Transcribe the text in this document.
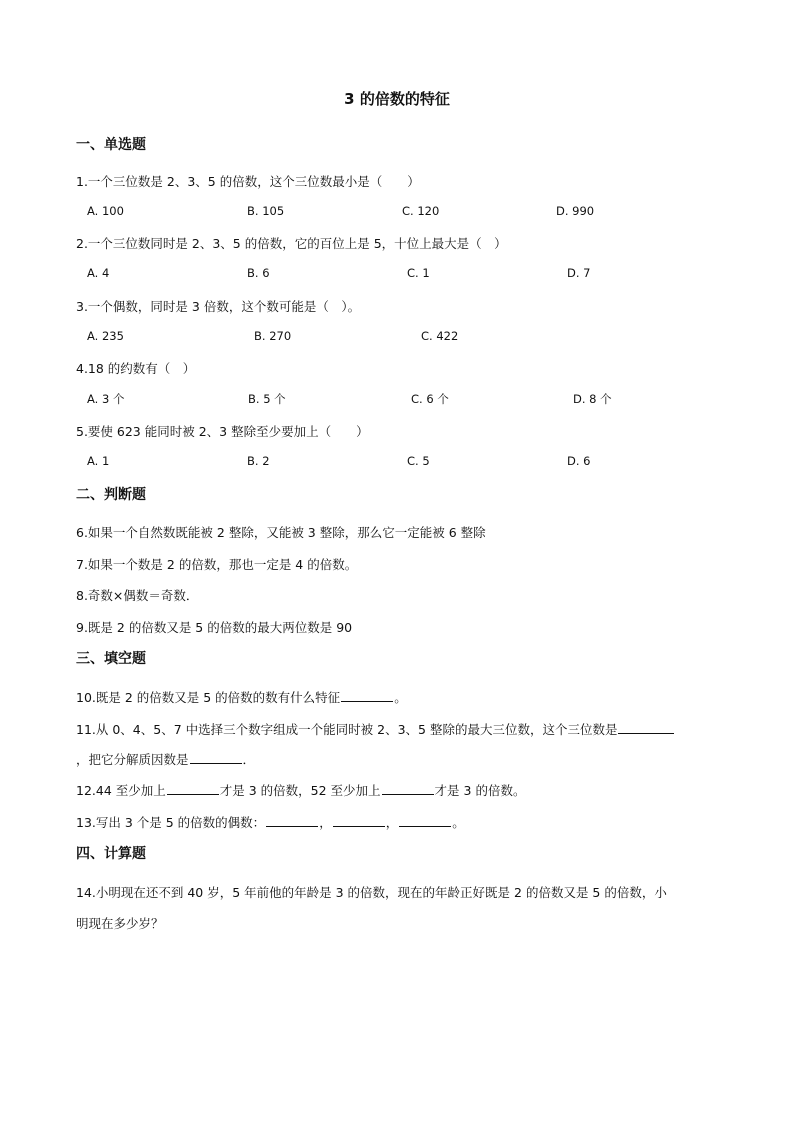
3 的倍数的特征
一、单选题
1.一个三位数是 2、3、5 的倍数，这个三位数最小是（　　）
A. 100	B. 105	C. 120	D. 990
2.一个三位数同时是 2、3、5 的倍数，它的百位上是 5，十位上最大是（　）
A. 4	B. 6	C. 1	D. 7
3.一个偶数，同时是 3 倍数，这个数可能是（　）。
A. 235	B. 270	C. 422
4.18 的约数有（　）
A. 3 个	B. 5 个	C. 6 个	D. 8 个
5.要使 623 能同时被 2、3 整除至少要加上（　　）
A. 1	B. 2	C. 5	D. 6
二、判断题
6.如果一个自然数既能被 2 整除，又能被 3 整除，那么它一定能被 6 整除
7.如果一个数是 2 的倍数，那也一定是 4 的倍数。
8.奇数×偶数＝奇数．
9.既是 2 的倍数又是 5 的倍数的最大两位数是 90
三、填空题
10.既是 2 的倍数又是 5 的倍数的数有什么特征	。
11.从 0、4、5、7 中选择三个数字组成一个能同时被 2、3、5 整除的最大三位数，这个三位数是
，把它分解质因数是	．
12.44 至少加上	才是 3 的倍数，52 至少加上	才是 3 的倍数。
13.写出 3 个是 5 的倍数的偶数：	，	，	。
四、计算题
14.小明现在还不到 40 岁，5 年前他的年龄是 3 的倍数，现在的年龄正好既是 2 的倍数又是 5 的倍数，小
明现在多少岁？
